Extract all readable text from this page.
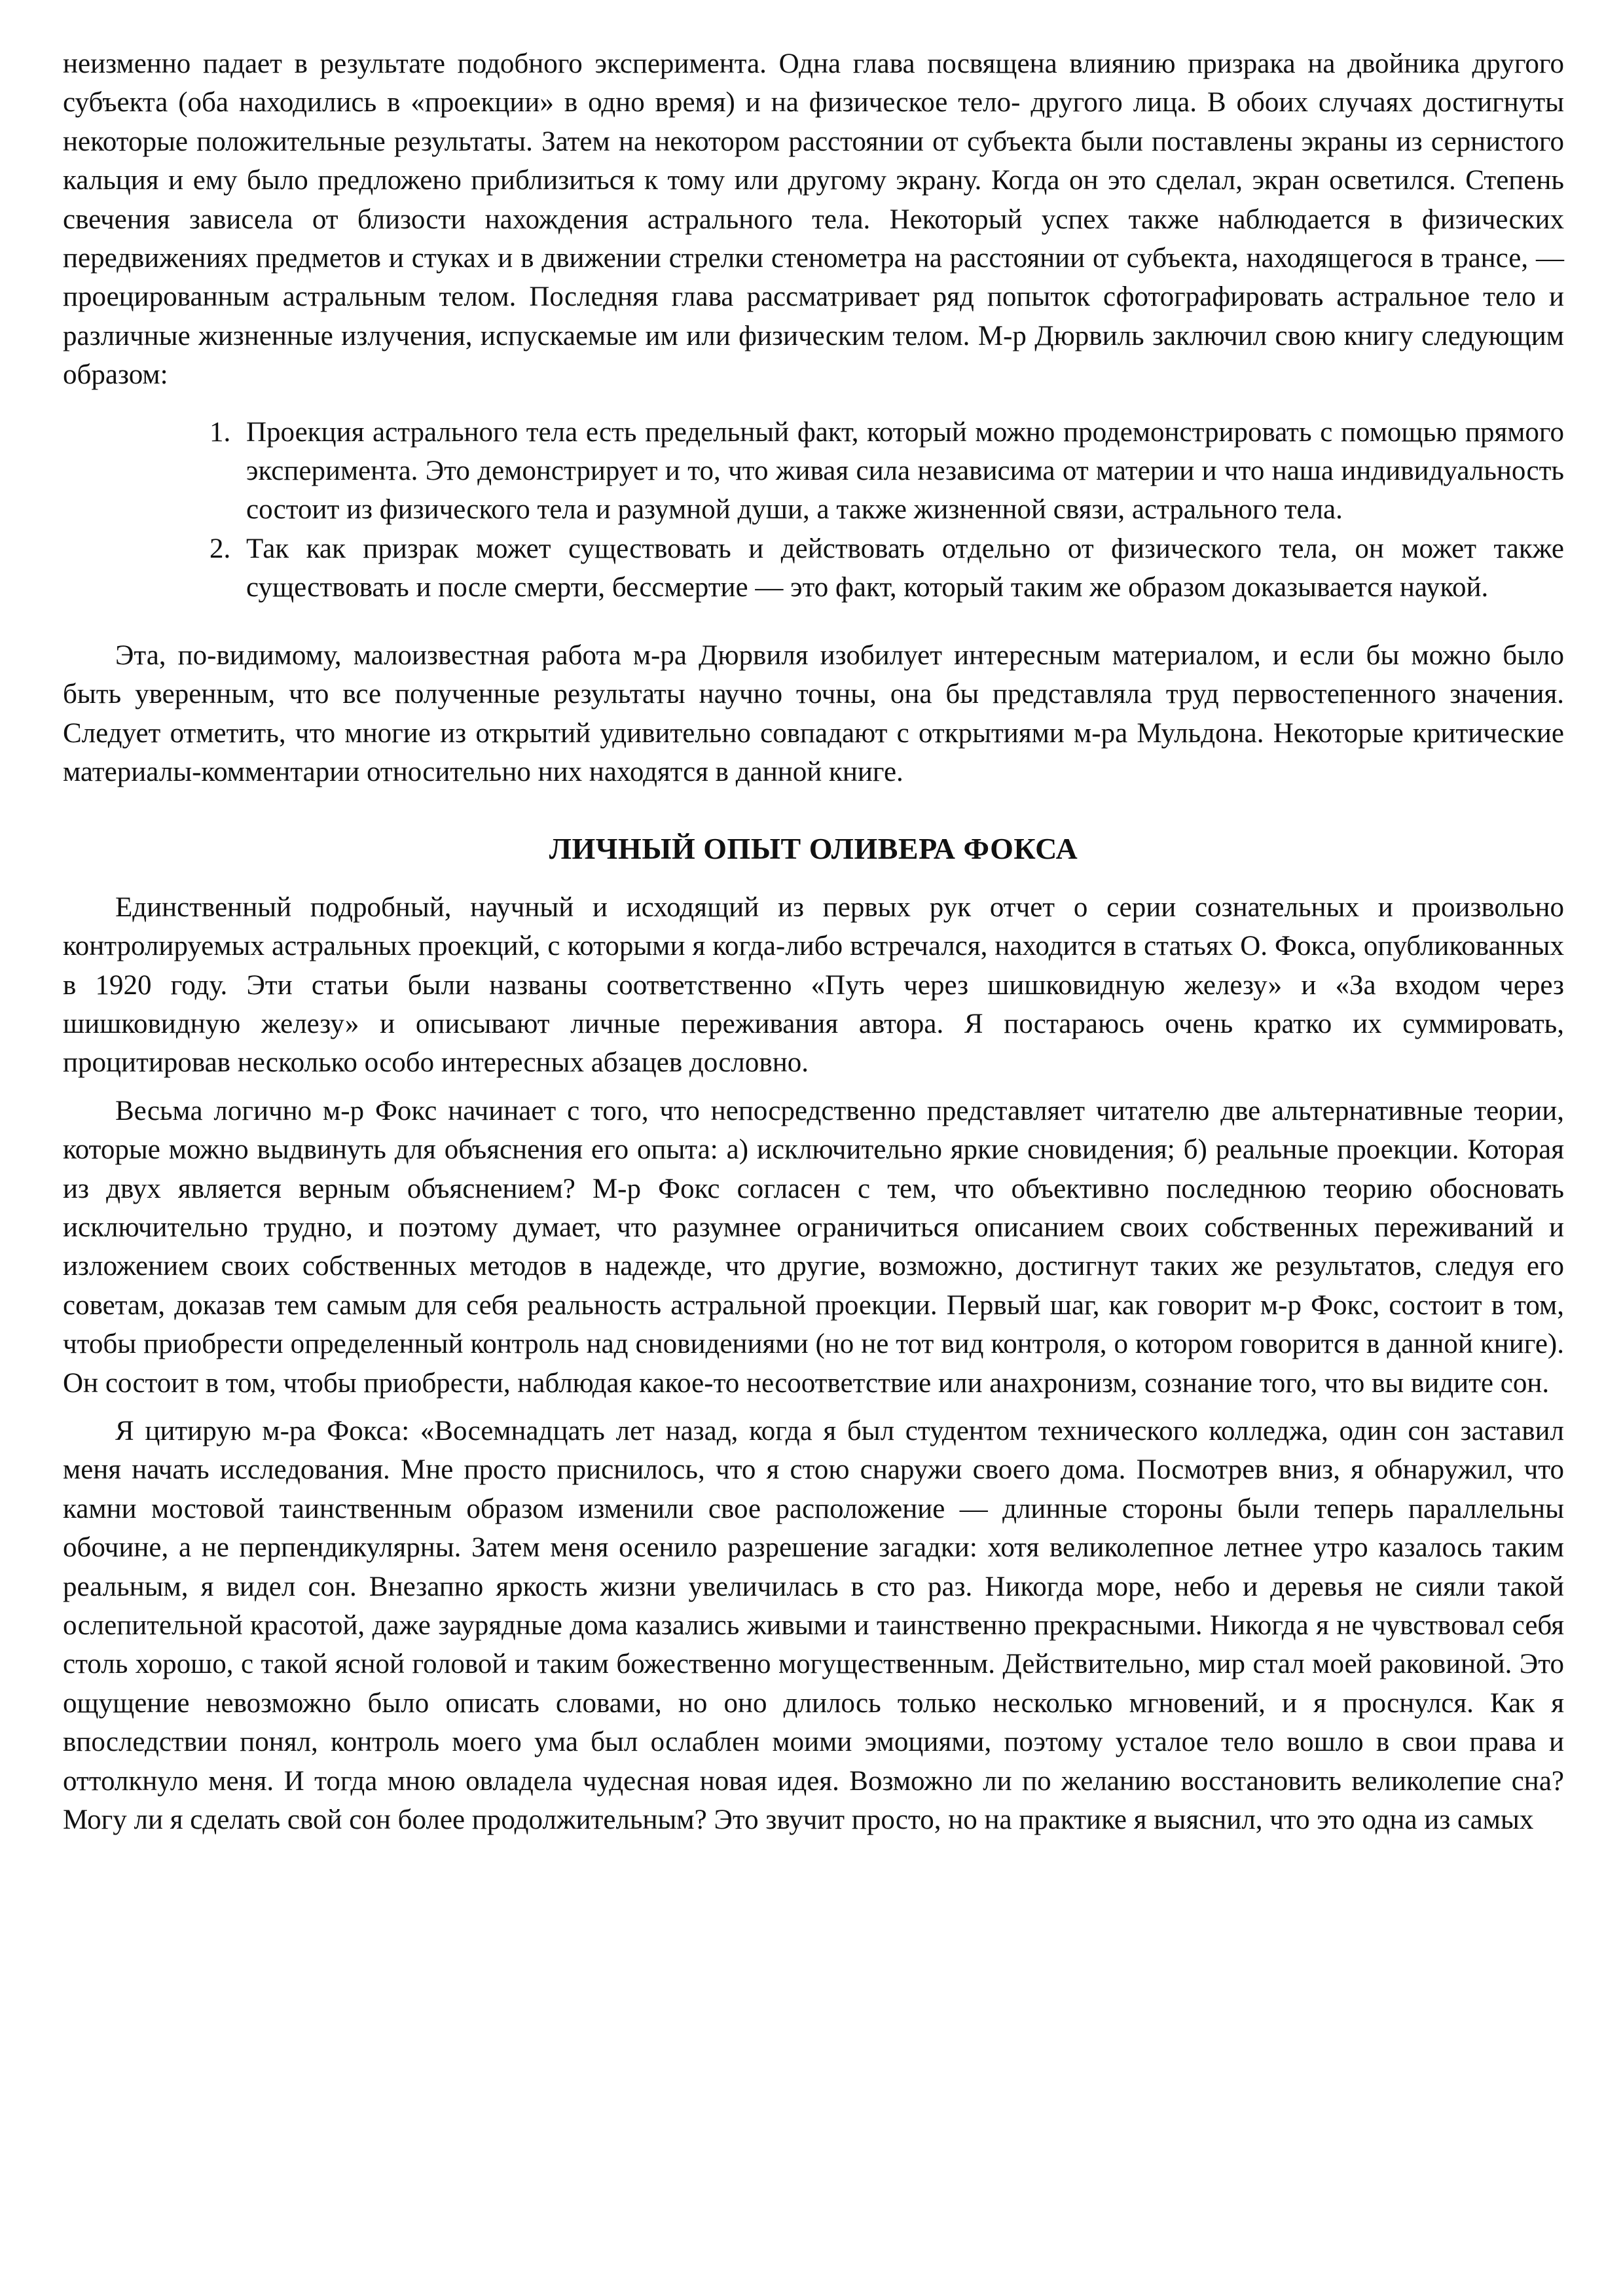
неизменно падает в результате подобного эксперимента. Одна глава посвящена влиянию призрака на двойника другого субъекта (оба находились в «проекции» в одно время) и на физическое тело- другого лица. В обоих случаях достигнуты некоторые положительные результаты. Затем на некотором расстоянии от субъекта были поставлены экраны из сернистого кальция и ему было предложено приблизиться к тому или другому экрану. Когда он это сделал, экран осветился. Степень свечения зависела от близости нахождения астрального тела. Некоторый успех также наблюдается в физических передвижениях предметов и стуках и в движении стрелки стенометра на расстоянии от субъекта, находящегося в трансе, — проецированным астральным телом. Последняя глава рассматривает ряд попыток сфотографировать астральное тело и различные жизненные излучения, испускаемые им или физическим телом. М-р Дюрвиль заключил свою книгу следующим образом:

1. Проекция астрального тела есть предельный факт, который можно продемонстрировать с помощью прямого эксперимента. Это демонстрирует и то, что живая сила независима от материи и что наша индивидуальность состоит из физического тела и разумной души, а также жизненной связи, астрального тела.
2. Так как призрак может существовать и действовать отдельно от физического тела, он может также существовать и после смерти, бессмертие — это факт, который таким же образом доказывается наукой.

Эта, по-видимому, малоизвестная работа м-ра Дюрвиля изобилует интересным материалом, и если бы можно было быть уверенным, что все полученные результаты научно точны, она бы представляла труд первостепенного значения. Следует отметить, что многие из открытий удивительно совпадают с открытиями м-ра Мульдона. Некоторые критические материалы-комментарии относительно них находятся в данной книге.

ЛИЧНЫЙ ОПЫТ ОЛИВЕРА ФОКСА

Единственный подробный, научный и исходящий из первых рук отчет о серии сознательных и произвольно контролируемых астральных проекций, с которыми я когда-либо встречался, находится в статьях О. Фокса, опубликованных в 1920 году. Эти статьи были названы соответственно «Путь через шишковидную железу» и «За входом через шишковидную железу» и описывают личные переживания автора. Я постараюсь очень кратко их суммировать, процитировав несколько особо интересных абзацев дословно.

Весьма логично м-р Фокс начинает с того, что непосредственно представляет читателю две альтернативные теории, которые можно выдвинуть для объяснения его опыта: а) исключительно яркие сновидения; б) реальные проекции. Которая из двух является верным объяснением? М-р Фокс согласен с тем, что объективно последнюю теорию обосновать исключительно трудно, и поэтому думает, что разумнее ограничиться описанием своих собственных переживаний и изложением своих собственных методов в надежде, что другие, возможно, достигнут таких же результатов, следуя его советам, доказав тем самым для себя реальность астральной проекции. Первый шаг, как говорит м-р Фокс, состоит в том, чтобы приобрести определенный контроль над сновидениями (но не тот вид контроля, о котором говорится в данной книге). Он состоит в том, чтобы приобрести, наблюдая какое-то несоответствие или анахронизм, сознание того, что вы видите сон.

Я цитирую м-ра Фокса: «Восемнадцать лет назад, когда я был студентом технического колледжа, один сон заставил меня начать исследования. Мне просто приснилось, что я стою снаружи своего дома. Посмотрев вниз, я обнаружил, что камни мостовой таинственным образом изменили свое расположение — длинные стороны были теперь параллельны обочине, а не перпендикулярны. Затем меня осенило разрешение загадки: хотя великолепное летнее утро казалось таким реальным, я видел сон. Внезапно яркость жизни увеличилась в сто раз. Никогда море, небо и деревья не сияли такой ослепительной красотой, даже заурядные дома казались живыми и таинственно прекрасными. Никогда я не чувствовал себя столь хорошо, с такой ясной головой и таким божественно могущественным. Действительно, мир стал моей раковиной. Это ощущение невозможно было описать словами, но оно длилось только несколько мгновений, и я проснулся. Как я впоследствии понял, контроль моего ума был ослаблен моими эмоциями, поэтому усталое тело вошло в свои права и оттолкнуло меня. И тогда мною овладела чудесная новая идея. Возможно ли по желанию восстановить великолепие сна? Могу ли я сделать свой сон более продолжительным? Это звучит просто, но на практике я выяснил, что это одна из самых
